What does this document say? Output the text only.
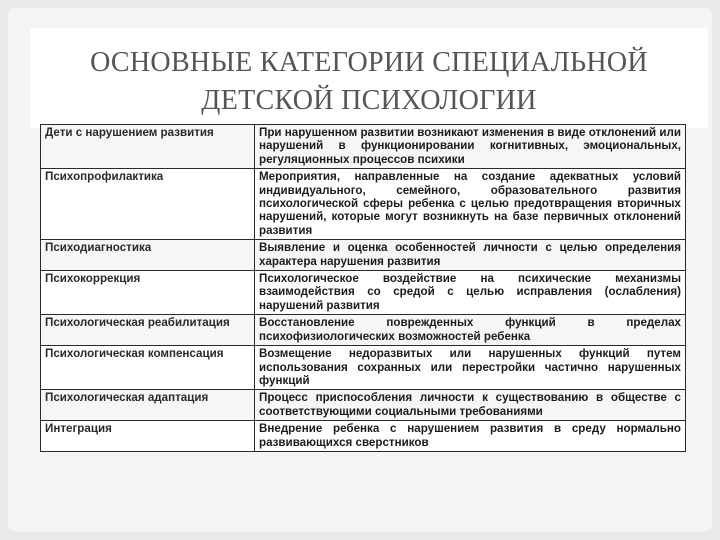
ОСНОВНЫЕ КАТЕГОРИИ СПЕЦИАЛЬНОЙ
ДЕТСКОЙ ПСИХОЛОГИИ
Дети с нарушением развития	При нарушенном развитии возникают изменения в виде отклонений или нарушений в функционировании когнитивных, эмоциональных, регуляционных процессов психики
Психопрофилактика	Мероприятия, направленные на создание адекватных условий индивидуального, семейного, образовательного развития психологической сферы ребенка с целью предотвращения вторичных нарушений, которые могут возникнуть на базе первичных отклонений развития
Психодиагностика	Выявление и оценка особенностей личности с целью определения характера нарушения развития
Психокоррекция	Психологическое воздействие на психические механизмы взаимодействия со средой с целью исправления (ослабления) нарушений развития
Психологическая реабилитация	Восстановление поврежденных функций в пределах психофизиологических возможностей ребенка
Психологическая компенсация	Возмещение недоразвитых или нарушенных функций путем использования сохранных или перестройки частично нарушенных функций
Психологическая адаптация	Процесс приспособления личности к существованию в обществе с соответствующими социальными требованиями
Интеграция	Внедрение ребенка с нарушением развития в среду нормально развивающихся сверстников
